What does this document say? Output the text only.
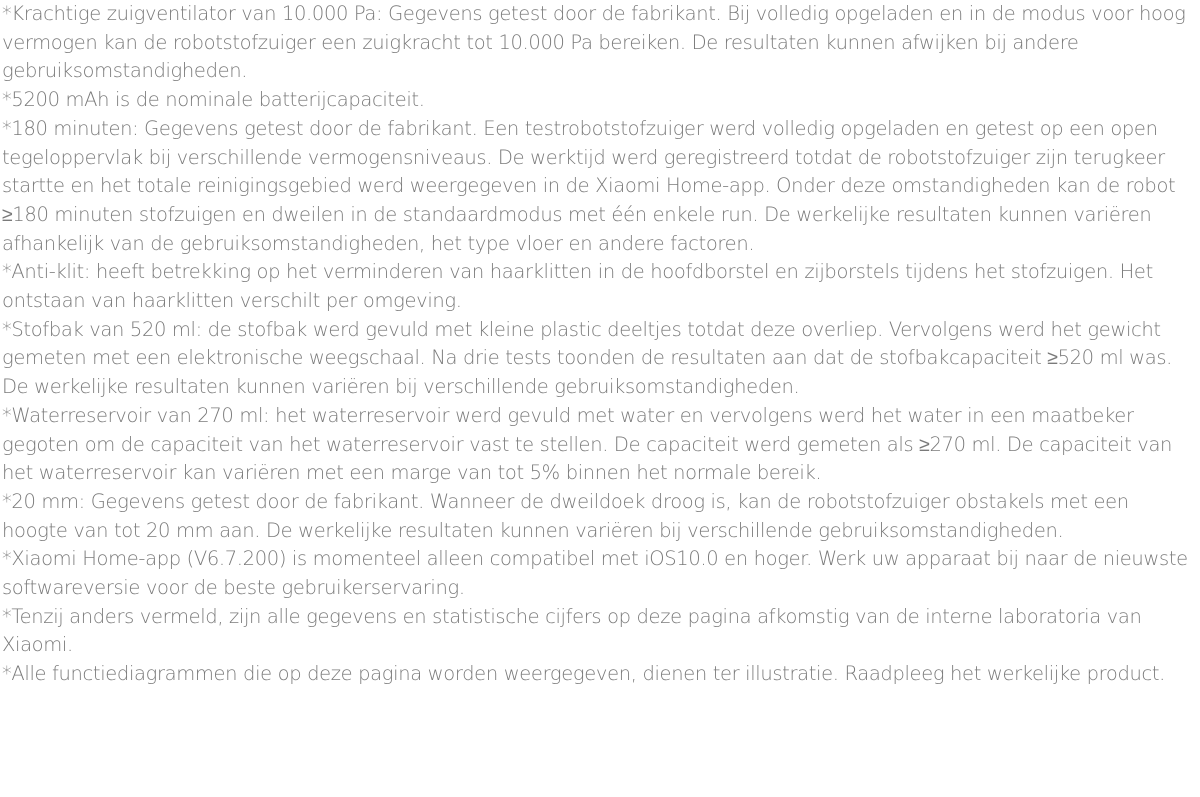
*Krachtige zuigventilator van 10.000 Pa: Gegevens getest door de fabrikant. Bij volledig opgeladen en in de modus voor hoog vermogen kan de robotstofzuiger een zuigkracht tot 10.000 Pa bereiken. De resultaten kunnen afwijken bij andere gebruiksomstandigheden.

*5200 mAh is de nominale batterijcapaciteit.

*180 minuten: Gegevens getest door de fabrikant. Een testrobotstofzuiger werd volledig opgeladen en getest op een open tegeloppervlak bij verschillende vermogensniveaus. De werktijd werd geregistreerd totdat de robotstofzuiger zijn terugkeer startte en het totale reinigingsgebied werd weergegeven in de Xiaomi Home-app. Onder deze omstandigheden kan de robot ≥180 minuten stofzuigen en dweilen in de standaardmodus met één enkele run. De werkelijke resultaten kunnen variëren afhankelijk van de gebruiksomstandigheden, het type vloer en andere factoren.

*Anti-klit: heeft betrekking op het verminderen van haarklitten in de hoofdborstel en zijborstels tijdens het stofzuigen. Het ontstaan van haarklitten verschilt per omgeving.

*Stofbak van 520 ml: de stofbak werd gevuld met kleine plastic deeltjes totdat deze overliep. Vervolgens werd het gewicht gemeten met een elektronische weegschaal. Na drie tests toonden de resultaten aan dat de stofbakcapaciteit ≥520 ml was. De werkelijke resultaten kunnen variëren bij verschillende gebruiksomstandigheden.

*Waterreservoir van 270 ml: het waterreservoir werd gevuld met water en vervolgens werd het water in een maatbeker gegoten om de capaciteit van het waterreservoir vast te stellen. De capaciteit werd gemeten als ≥270 ml. De capaciteit van het waterreservoir kan variëren met een marge van tot 5% binnen het normale bereik.

*20 mm: Gegevens getest door de fabrikant. Wanneer de dweildoek droog is, kan de robotstofzuiger obstakels met een hoogte van tot 20 mm aan. De werkelijke resultaten kunnen variëren bij verschillende gebruiksomstandigheden.

*Xiaomi Home-app (V6.7.200) is momenteel alleen compatibel met iOS10.0 en hoger. Werk uw apparaat bij naar de nieuwste softwareversie voor de beste gebruikerservaring.

*Tenzij anders vermeld, zijn alle gegevens en statistische cijfers op deze pagina afkomstig van de interne laboratoria van Xiaomi.

*Alle functiediagrammen die op deze pagina worden weergegeven, dienen ter illustratie. Raadpleeg het werkelijke product.
